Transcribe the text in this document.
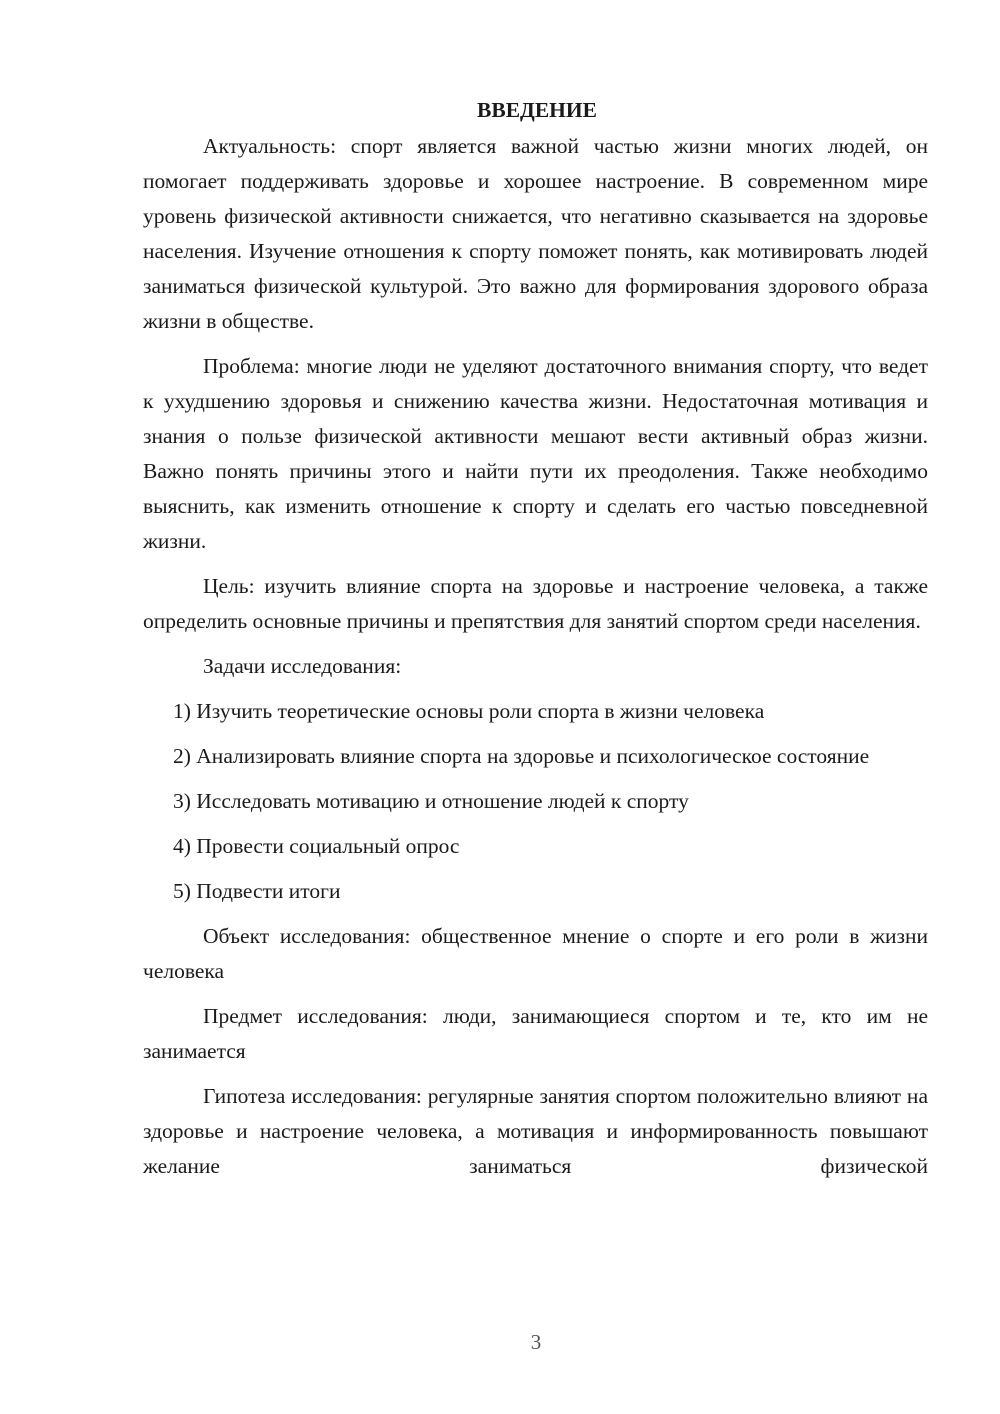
ВВЕДЕНИЕ

Актуальность: спорт является важной частью жизни многих людей, он помогает поддерживать здоровье и хорошее настроение. В современном мире уровень физической активности снижается, что негативно сказывается на здоровье населения. Изучение отношения к спорту поможет понять, как мотивировать людей заниматься физической культурой. Это важно для формирования здорового образа жизни в обществе.

Проблема: многие люди не уделяют достаточного внимания спорту, что ведет к ухудшению здоровья и снижению качества жизни. Недостаточная мотивация и знания о пользе физической активности мешают вести активный образ жизни. Важно понять причины этого и найти пути их преодоления. Также необходимо выяснить, как изменить отношение к спорту и сделать его частью повседневной жизни.

Цель: изучить влияние спорта на здоровье и настроение человека, а также определить основные причины и препятствия для занятий спортом среди населения.

Задачи исследования:

1) Изучить теоретические основы роли спорта в жизни человека

2) Анализировать влияние спорта на здоровье и психологическое состояние

3) Исследовать мотивацию и отношение людей к спорту

4) Провести социальный опрос

5) Подвести итоги

Объект исследования: общественное мнение о спорте и его роли в жизни человека

Предмет исследования: люди, занимающиеся спортом и те, кто им не занимается

Гипотеза исследования: регулярные занятия спортом положительно влияют на здоровье и настроение человека, а мотивация и информированность повышают желание заниматься физической

3
